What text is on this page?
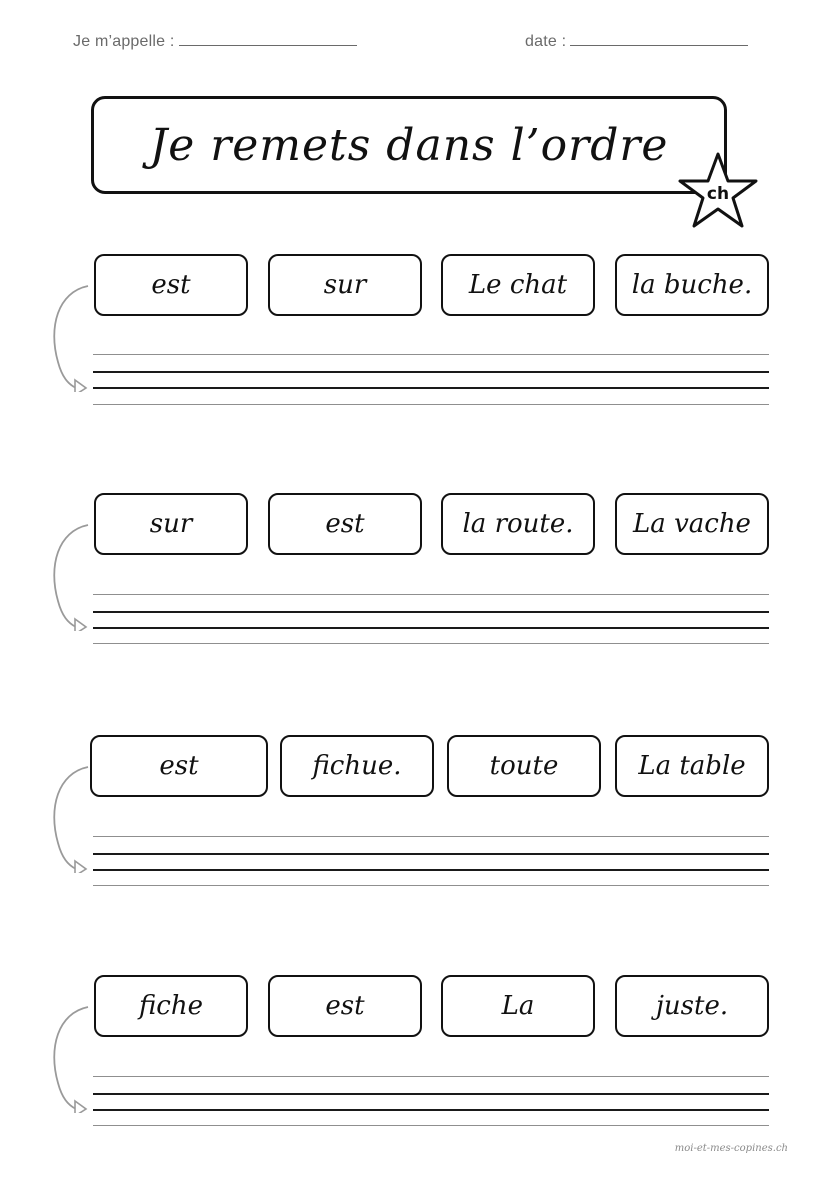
Je m’appelle :	date :
Je remets dans l’ordre
ch
est	sur	Le chat la buche.
sur	est	la route. La vache
est	fichue.	toute	La table
fiche	est	La	juste.
moi-et-mes-copines.ch
